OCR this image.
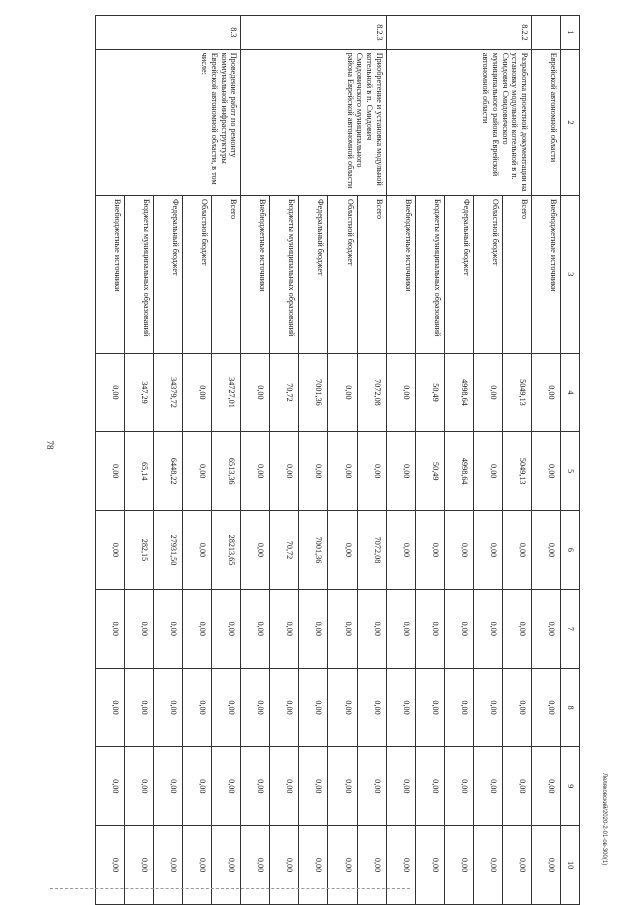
78
Леляковский/2020-2-01-ов-300(1)
1	2	3	4	5	6	7	8	9	10
	Еврейской автономной области	Внебюджетные источники	0,00	0,00	0,00	0,00	0,00	0,00	0,00
8.2.2	Разработка проектной документации на установку модульной котельной в п. Смидович Смидовичского муниципального района Еврейской автономной области	Всего	5049,13	5049,13	0,00	0,00	0,00	0,00	0,00
		Областной бюджет	0,00	0,00	0,00	0,00	0,00	0,00	0,00
		Федеральный бюджет	4998,64	4998,64	0,00	0,00	0,00	0,00	0,00
		Бюджеты муниципальных образований	50,49	50,49	0,00	0,00	0,00	0,00	0,00
		Внебюджетные источники	0,00	0,00	0,00	0,00	0,00	0,00	0,00
8.2.3	Приобретение и установка модульной котельной в п. Смидович Смидовичского муниципального района Еврейской автономной области	Всего	7072,08	0,00	7072,08	0,00	0,00	0,00	0,00
		Областной бюджет	0,00	0,00	0,00	0,00	0,00	0,00	0,00
		Федеральный бюджет	7001,36	0,00	7001,36	0,00	0,00	0,00	0,00
		Бюджеты муниципальных образований	70,72	0,00	70,72	0,00	0,00	0,00	0,00
		Внебюджетные источники	0,00	0,00	0,00	0,00	0,00	0,00	0,00
8.3	Проведение работ по ремонту коммунальной инфраструктуры Еврейской автономной области, в том числе:	Всего	34727,01	6513,36	28213,65	0,00	0,00	0,00	0,00
		Областной бюджет	0,00	0,00	0,00	0,00	0,00	0,00	0,00
		Федеральный бюджет	34379,72	6448,22	27931,50	0,00	0,00	0,00	0,00
		Бюджеты муниципальных образований	347,29	65,14	282,15	0,00	0,00	0,00	0,00
		Внебюджетные источники	0,00	0,00	0,00	0,00	0,00	0,00	0,00
